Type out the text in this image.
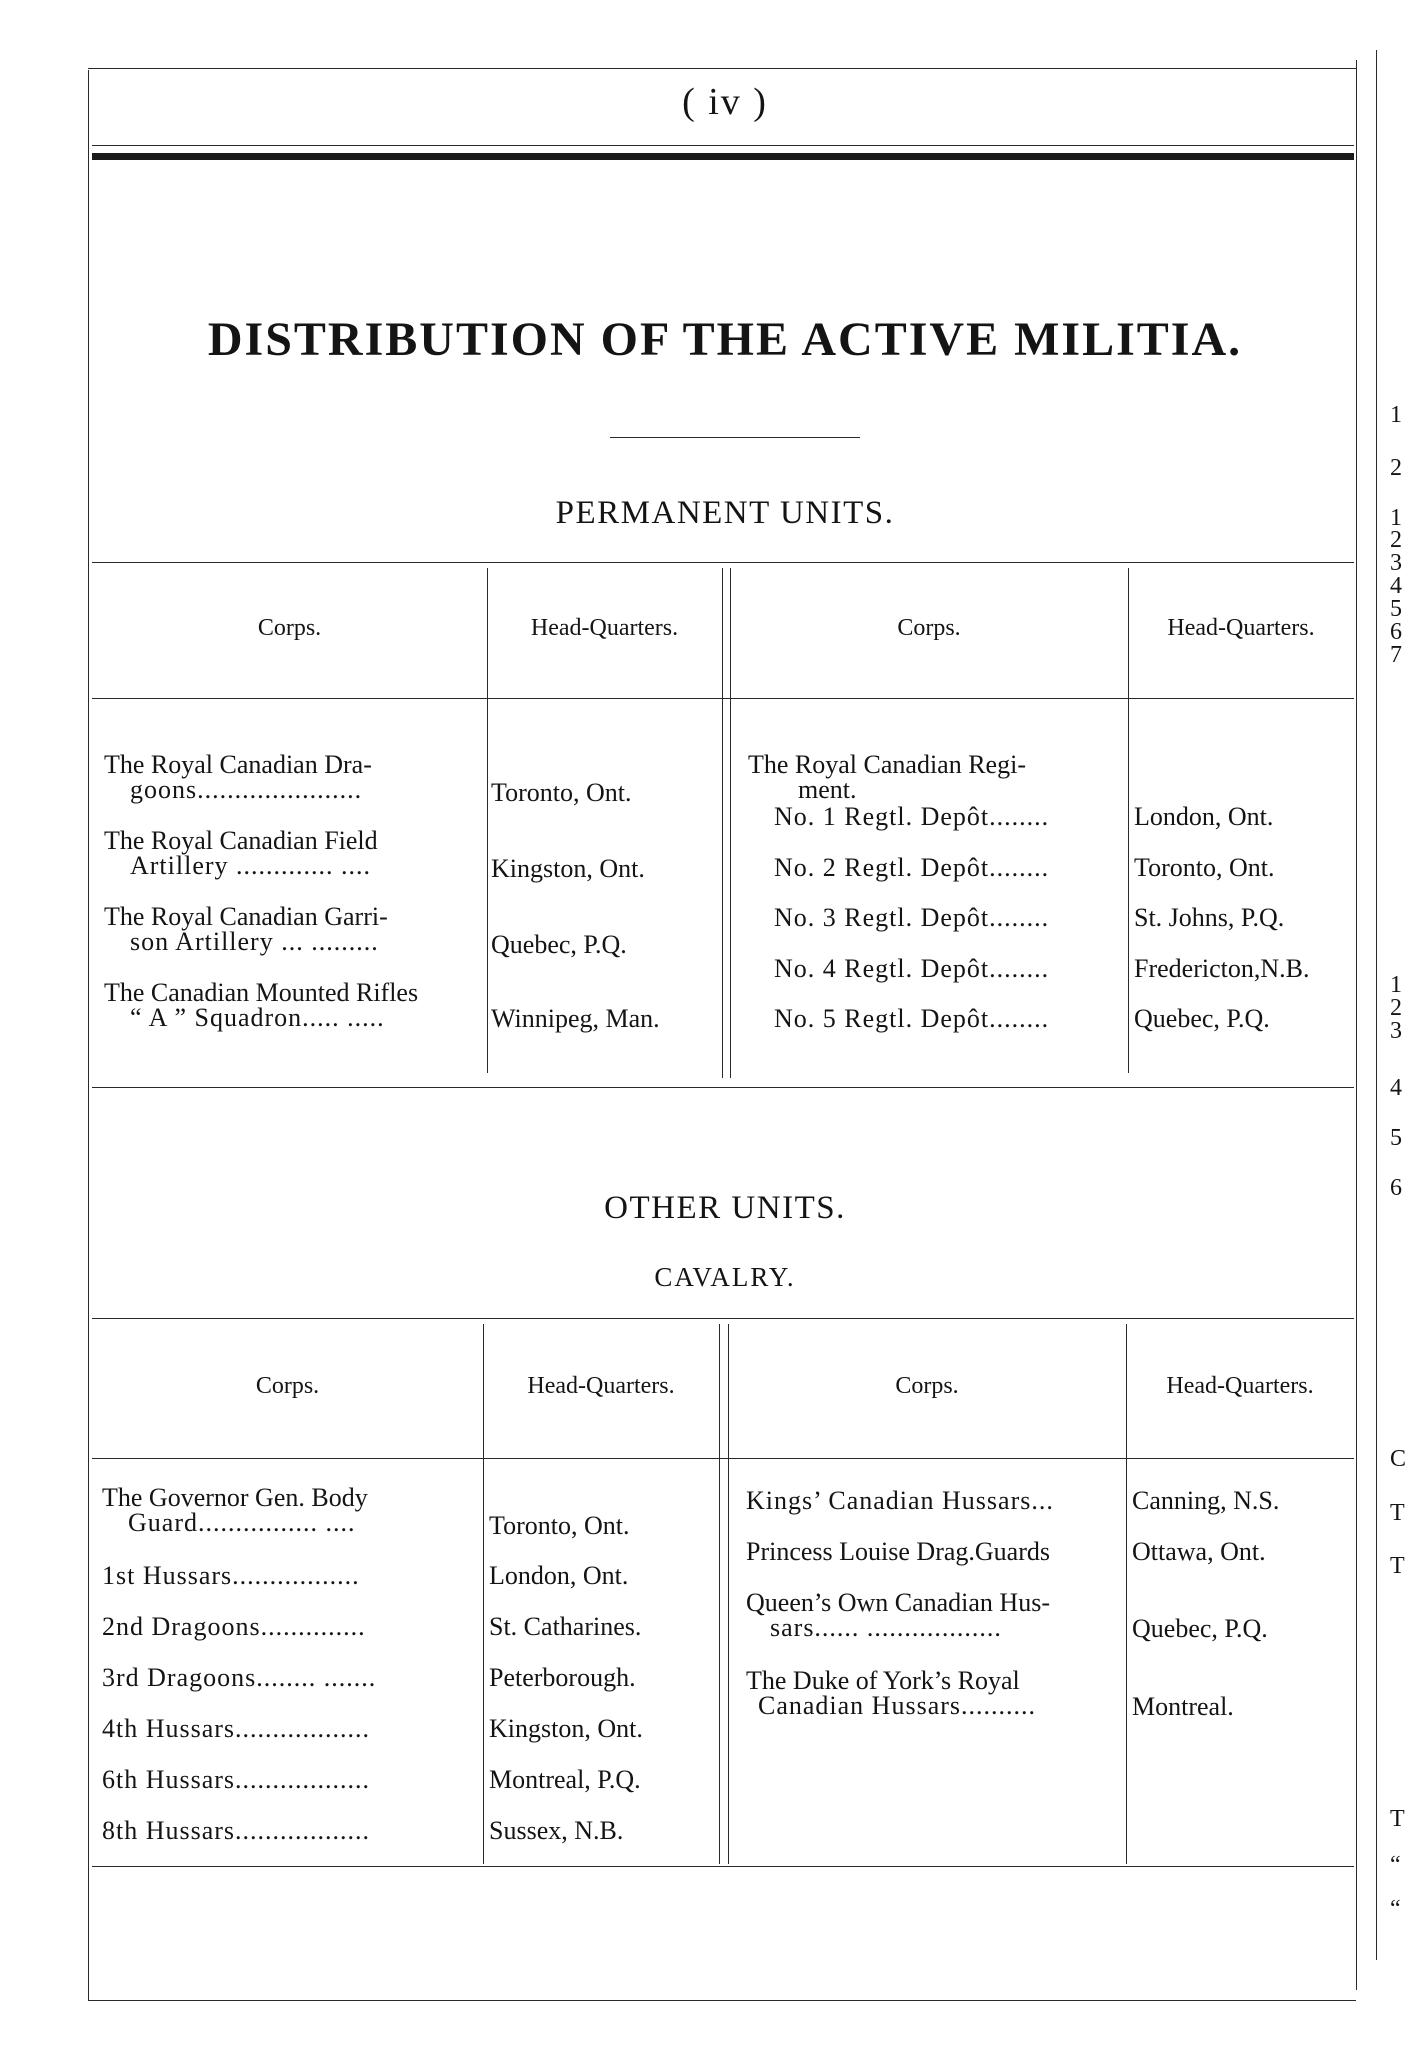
( iv )
DISTRIBUTION OF THE ACTIVE MILITIA.
PERMANENT UNITS.
Corps.	Head-Quarters.	Corps.	Head-Quarters.
The Royal Canadian Dra-
goons......................	Toronto, Ont.
The Royal Canadian Field
Artillery ............. ....	Kingston, Ont.
The Royal Canadian Garri-
son Artillery ... .........	Quebec, P.Q.
The Canadian Mounted Rifles
“ A ” Squadron..... .....	Winnipeg, Man.
The Royal Canadian Regi-
ment.
No. 1 Regtl. Depôt........	London, Ont.
No. 2 Regtl. Depôt........	Toronto, Ont.
No. 3 Regtl. Depôt........	St. Johns, P.Q.
No. 4 Regtl. Depôt........	Fredericton,N.B.
No. 5 Regtl. Depôt........	Quebec, P.Q.
OTHER UNITS.
CAVALRY.
Corps.	Head-Quarters.	Corps.	Head-Quarters.
The Governor Gen. Body
Guard................ ....	Toronto, Ont.
1st Hussars.................	London, Ont.
2nd Dragoons..............	St. Catharines.
3rd Dragoons........ .......	Peterborough.
4th Hussars..................	Kingston, Ont.
6th Hussars..................	Montreal, P.Q.
8th Hussars..................	Sussex, N.B.
Kings’ Canadian Hussars...	Canning, N.S.
Princess Louise Drag.Guards	Ottawa, Ont.
Queen’s Own Canadian Hus-
sars...... ..................	Quebec, P.Q.
The Duke of York’s Royal
Canadian Hussars..........	Montreal.
1
2
1
2
3
4
5
6
7
1
2
3
4
5
6
C
T
T
T
“
“
